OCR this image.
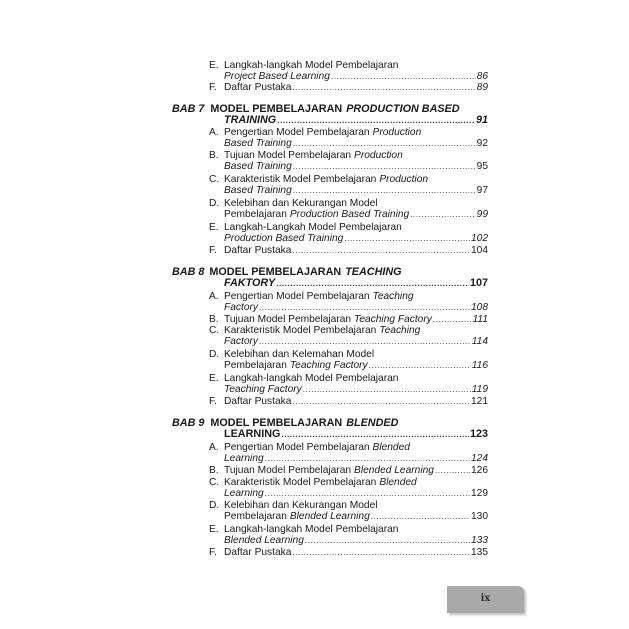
E. Langkah-langkah Model Pembelajaran
Project Based Learning .....	86
F. Daftar Pustaka .....	89
BAB 7 MODEL PEMBELAJARAN PRODUCTION BASED
TRAINING .....	91
A. Pengertian Model Pembelajaran Production
Based Training .....	92
B. Tujuan Model Pembelajaran Production
Based Training .....	95
C. Karakteristik Model Pembelajaran Production
Based Training .....	97
D. Kelebihan dan Kekurangan Model
Pembelajaran Production Based Training .....	99
E. Langkah-Langkah Model Pembelajaran
Production Based Training .....	102
F. Daftar Pustaka .....	104
BAB 8 MODEL PEMBELAJARAN TEACHING
FAKTORY .....	107
A. Pengertian Model Pembelajaran Teaching
Factory .....	108
B. Tujuan Model Pembelajaran Teaching Factory .....	111
C. Karakteristik Model Pembelajaran Teaching
Factory .....	114
D. Kelebihan dan Kelemahan Model
Pembelajaran Teaching Factory .....	116
E. Langkah-langkah Model Pembelajaran
Teaching Factory .....	119
F. Daftar Pustaka .....	121
BAB 9 MODEL PEMBELAJARAN BLENDED
LEARNING .....	123
A. Pengertian Model Pembelajaran Blended
Learning .....	124
B. Tujuan Model Pembelajaran Blended Learning .....	126
C. Karakteristik Model Pembelajaran Blended
Learning .....	129
D. Kelebihan dan Kekurangan Model
Pembelajaran Blended Learning .....	130
E. Langkah-langkah Model Pembelajaran
Blended Learning .....	133
F. Daftar Pustaka .....	135
ix
